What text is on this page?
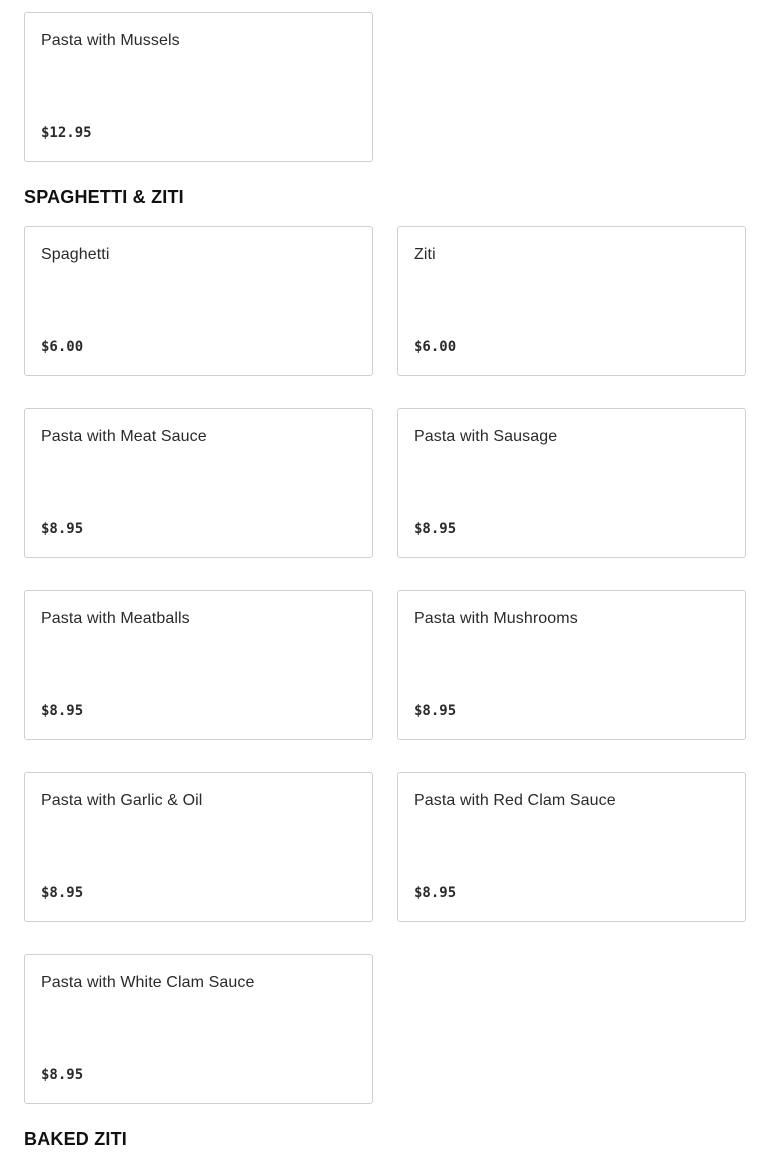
Pasta with Mussels
$12.95
SPAGHETTI & ZITI
Spaghetti
$6.00
Ziti
$6.00
Pasta with Meat Sauce
$8.95
Pasta with Sausage
$8.95
Pasta with Meatballs
$8.95
Pasta with Mushrooms
$8.95
Pasta with Garlic & Oil
$8.95
Pasta with Red Clam Sauce
$8.95
Pasta with White Clam Sauce
$8.95
BAKED ZITI
